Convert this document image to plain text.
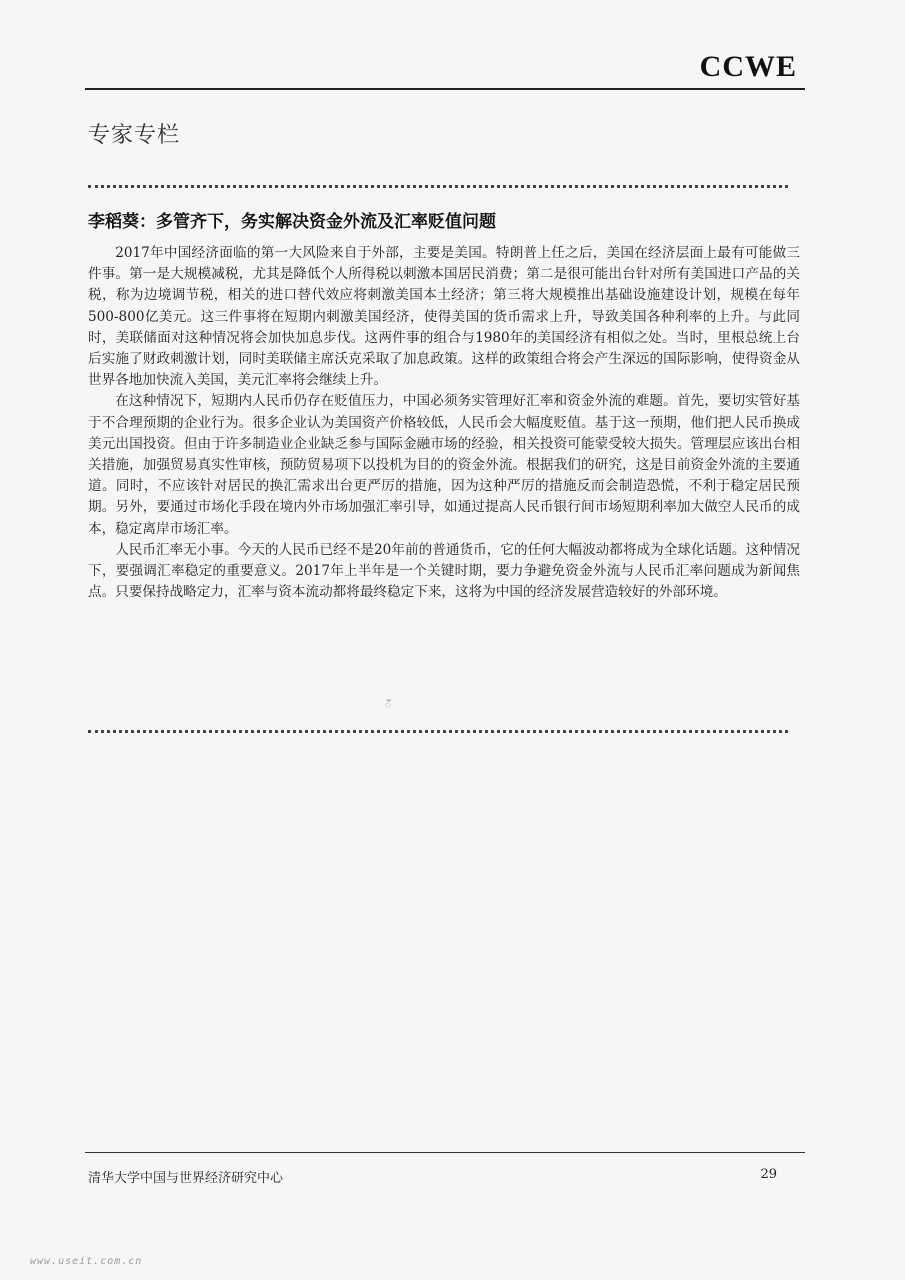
CCWE
专家专栏
李稻葵：多管齐下，务实解决资金外流及汇率贬值问题

2017年中国经济面临的第一大风险来自于外部，主要是美国。特朗普上任之后，美国在经济层面上最有可能做三件事。第一是大规模减税，尤其是降低个人所得税以刺激本国居民消费；第二是很可能出台针对所有美国进口产品的关税，称为边境调节税，相关的进口替代效应将刺激美国本土经济；第三将大规模推出基础设施建设计划，规模在每年500-800亿美元。这三件事将在短期内刺激美国经济，使得美国的货币需求上升，导致美国各种利率的上升。与此同时，美联储面对这种情况将会加快加息步伐。这两件事的组合与1980年的美国经济有相似之处。当时，里根总统上台后实施了财政刺激计划，同时美联储主席沃克采取了加息政策。这样的政策组合将会产生深远的国际影响，使得资金从世界各地加快流入美国，美元汇率将会继续上升。

在这种情况下，短期内人民币仍存在贬值压力，中国必须务实管理好汇率和资金外流的难题。首先，要切实管好基于不合理预期的企业行为。很多企业认为美国资产价格较低，人民币会大幅度贬值。基于这一预期，他们把人民币换成美元出国投资。但由于许多制造业企业缺乏参与国际金融市场的经验，相关投资可能蒙受较大损失。管理层应该出台相关措施，加强贸易真实性审核，预防贸易项下以投机为目的的资金外流。根据我们的研究，这是目前资金外流的主要通道。同时，不应该针对居民的换汇需求出台更严厉的措施，因为这种严厉的措施反而会制造恐慌，不利于稳定居民预期。另外，要通过市场化手段在境内外市场加强汇率引导，如通过提高人民币银行间市场短期利率加大做空人民币的成本，稳定离岸市场汇率。

人民币汇率无小事。今天的人民币已经不是20年前的普通货币，它的任何大幅波动都将成为全球化话题。这种情况下，要强调汇率稳定的重要意义。2017年上半年是一个关键时期，要力争避免资金外流与人民币汇率问题成为新闻焦点。只要保持战略定力，汇率与资本流动都将最终稳定下来，这将为中国的经济发展营造较好的外部环境。

ॅ
清华大学中国与世界经济研究中心	29
www.useit.com.cn
